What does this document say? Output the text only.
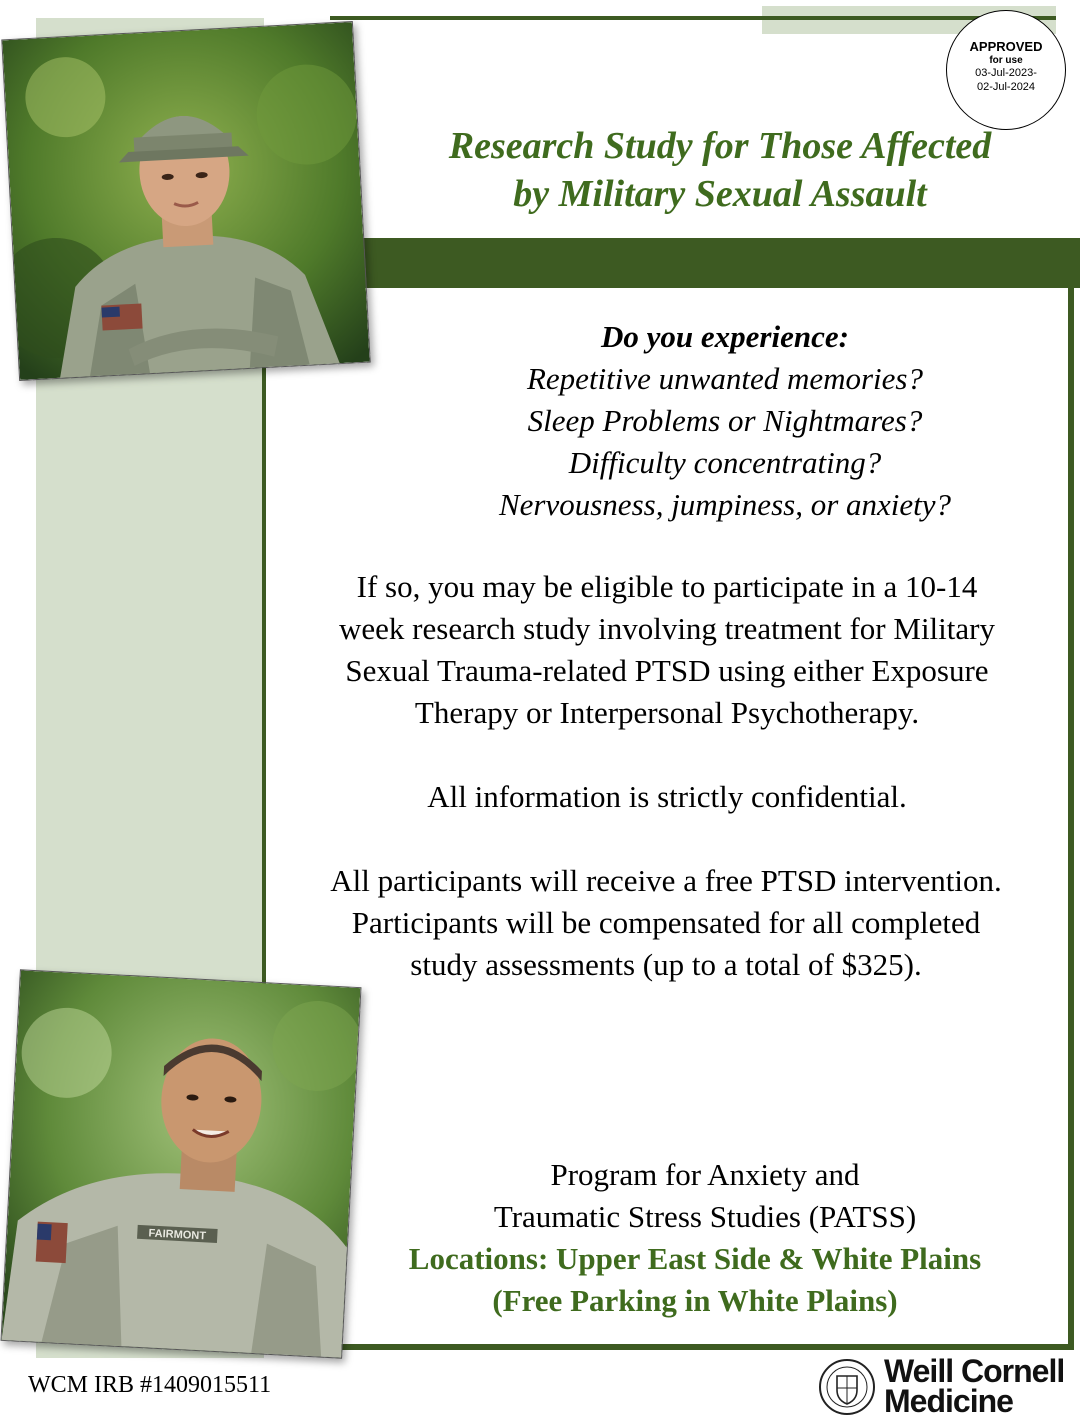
APPROVED
for use
03-Jul-2023-
02-Jul-2024
Research Study for Those Affected
by Military Sexual Assault
FAIRMONT
Do you experience:
Repetitive unwanted memories?
Sleep Problems or Nightmares?
Difficulty concentrating?
Nervousness, jumpiness, or anxiety?
If so, you may be eligible to participate in a 10-14
week research study involving treatment for Military
Sexual Trauma-related PTSD using either Exposure
Therapy or Interpersonal Psychotherapy.
All information is strictly confidential.
All participants will receive a free PTSD intervention.
Participants will be compensated for all completed
study assessments (up to a total of $325).
Program for Anxiety and
Traumatic Stress Studies (PATSS)
Locations: Upper East Side & White Plains
(Free Parking in White Plains)
WCM IRB #1409015511	Weill Cornell
Medicine
